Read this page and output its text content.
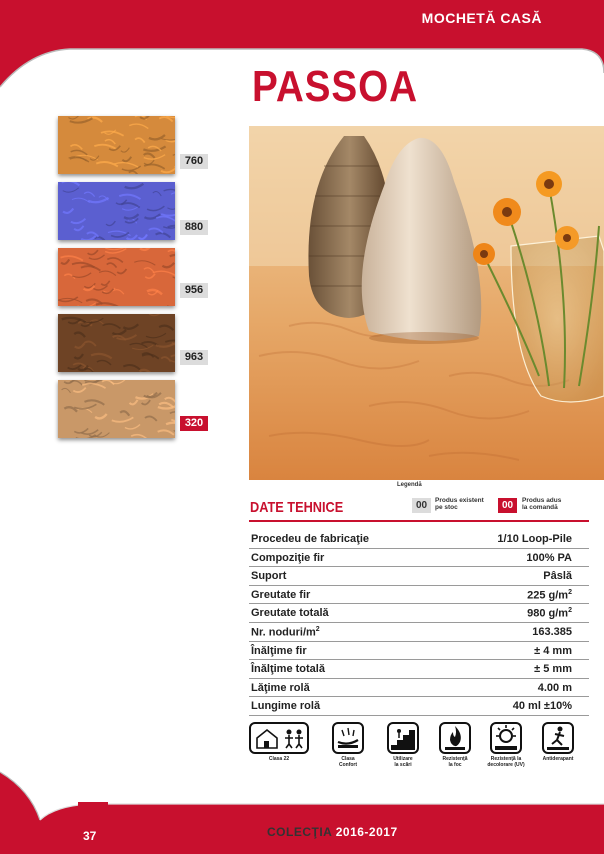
MOCHETĂ CASĂ
PASSOA
760
880
956
963
320
Legendă
DATE TEHNICE	00	Produs existent
pe stoc	00	Produs adus
la comandă
Procedeu de fabricaţie	1/10 Loop-Pile
Compoziţie fir	100% PA
Suport	Pâslă
Greutate fir	225 $g/m^2$
Greutate totală	980 $g/m^2$
Nr. noduri/$m^2$	163.385
Înălţime fir	± 4 mm
Înălţime totală	± 5 mm
Lăţime rolă	4.00 m
Lungime rolă	40 ml ±10%
Clasa 22	Clasa
Confort
Utilizare
la scări
Rezistenţă
la foc
Rezistenţă la
decolorare (UV)
Antiderapant
37	COLECŢIA 2016-2017
